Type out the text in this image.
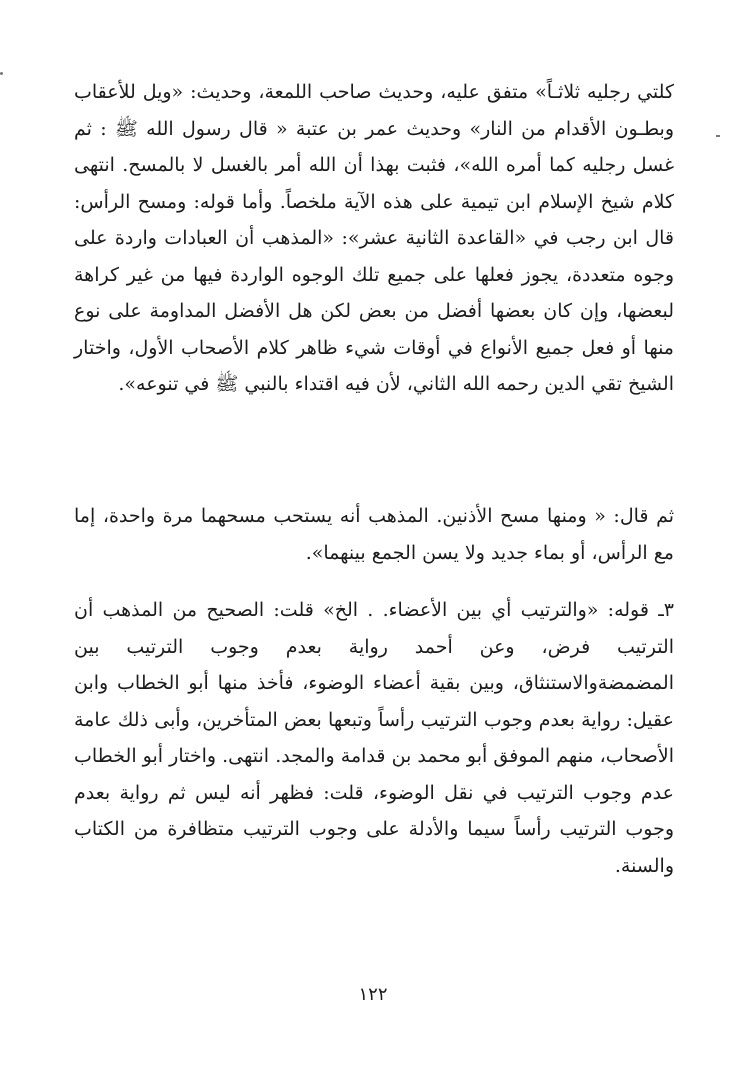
كلتي رجليه ثلاثـاً» متفق عليه، وحديث صاحب اللمعة، وحديث: «ويل للأعقاب وبطـون الأقدام من النار» وحديث عمر بن عتبة « قال رسول الله ﷺ : ثم غسل رجليه كما أمره الله»، فثبت بهذا أن الله أمر بالغسل لا بالمسح. انتهى كلام شيخ الإسلام ابن تيمية على هذه الآية ملخصاً. وأما قوله: ومسح الرأس: قال ابن رجب في «القاعدة الثانية عشر»: «المذهب أن العبادات واردة على وجوه متعددة، يجوز فعلها على جميع تلك الوجوه الواردة فيها من غير كراهة لبعضها، وإن كان بعضها أفضل من بعض لكن هل الأفضل المداومة على نوع منها أو فعل جميع الأنواع في أوقات شيء ظاهر كلام الأصحاب الأول، واختار الشيخ تقي الدين رحمه الله الثاني، لأن فيه اقتداء بالنبي ﷺ في تنوعه».

ثم قال: « ومنها مسح الأذنين. المذهب أنه يستحب مسحهما مرة واحدة، إما مع الرأس، أو بماء جديد ولا يسن الجمع بينهما».

٣ـ قوله: «والترتيب أي بين الأعضاء. . الخ» قلت: الصحيح من المذهب أن الترتيب فرض، وعن أحمد رواية بعدم وجوب الترتيب بين المضمضةوالاستنثاق، وبين بقية أعضاء الوضوء، فأخذ منها أبو الخطاب وابن عقيل: رواية بعدم وجوب الترتيب رأساً وتبعها بعض المتأخرين، وأبى ذلك عامة الأصحاب، منهم الموفق أبو محمد بن قدامة والمجد. انتهى. واختار أبو الخطاب عدم وجوب الترتيب في نقل الوضوء، قلت: فظهر أنه ليس ثم رواية بعدم وجوب الترتيب رأساً سيما والأدلة على وجوب الترتيب متظافرة من الكتاب والسنة.

١٢٢
